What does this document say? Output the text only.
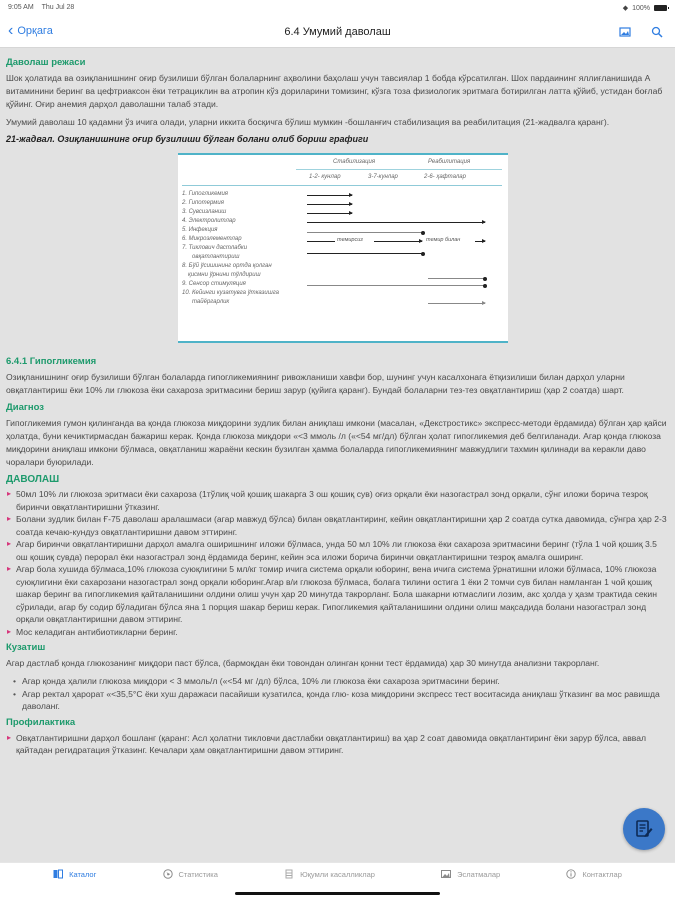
9:05 AM Thu Jul 28	◆ 100%
‹ Орқага	6.4 Умумий даволаш
Даволаш режаси

Шок ҳолатида ва озиқланишнинг оғир бузилиши бўлган болаларнинг аҳволини баҳолаш учун тавсиялар 1 бобда кўрсатилган. Шох пардаининг яллиғланишида А витаминини беринг ва цефтриаксон ёки тетрациклин ва атропин кўз дориларини томизинг, кўзга тоза физиологик эритмага ботирилган латта қўйиб, устидан боғлаб қўйинг. Оғир анемия дарҳол даволашни талаб этади.

Умумий даволаш 10 қадамни ўз ичига олади, уларни иккита босқичга бўлиш мумкин -бошланғич стабилизация ва реабилитация (21-жадвалга қаранг).

21-жадвал. Озиқланишнинг оғир бузилиши бўлган болани олиб бориш графиги
Стабилизация	Реабилитация
1-2- кунлар	3-7-кунлар	2-6- ҳафталар
1. Гипогликемия
2. Гипотермия
3. Сувсизланиш
4. Электролитлар
5. Инфекция
6. Микроэлементлар
7. Тиклович дастлабки
овқатлантириш
8. Бўй ўсишининг ортда қолган
қисмни ўрнини тўлдириш
9. Сенсор стимуляция
10. Кейинги кузатувга ўтказишга
тайёргарлик
темирсиз	темир билан
6.4.1 Гипогликемия

Озиқланишнинг оғир бузилиши бўлган болаларда гипогликемиянинг ривожланиши хавфи бор, шунинг учун касалхонага ётқизилиши билан дарҳол уларни овқатлантириш ёки 10% ли глюкоза ёки сахароза эритмасини бериш зарур (қуйига қаранг). Бундай болаларни тез-тез овқатлантириш (ҳар 2 соатда) шарт.

Диагноз

Гипогликемия гумон қилинганда ва қонда глюкоза миқдорини зудлик билан аниқлаш имкони (масалан, «Декстростикс» экспресс-методи ёрдамида) бўлган ҳар қайси ҳолатда, буни кечиктирмасдан бажариш керак. Қонда глюкоза миқдори «<3 ммоль /л («<54 мг/дл) бўлган ҳолат гипогликемия деб белгиланади. Агар қонда глюкоза миқдорини аниқлаш имкони бўлмаса, овқатланиш жараёни кескин бузилган ҳамма болаларда гипогликемиянинг мавжудлиги тахмин қилинади ва керакли даво чоралари буюрилади.

ДАВОЛАШ
▸ 50мл 10% ли глюкоза эритмаси ёки сахароза (1тўлиқ чой қошиқ шакарга 3 ош қошиқ сув) оғиз орқали ёки назогастрал зонд орқали, сўнг иложи борича тезроқ биринчи овқатлантиришни ўтказинг.
▸ Болани зудлик билан Ғ-75 даволаш аралашмаси (агар мавжуд бўлса) билан овқатлантиринг, кейин овқатлантиришни ҳар 2 соатда сутка давомида, сўнгра ҳар 2-3 соатда кечаю-кундуз овқатлантиришни давом эттиринг.
▸ Агар биринчи овқатлантиришни дарҳол амалга оширишнинг иложи бўлмаса, унда 50 мл 10% ли глюкоза ёки сахароза эритмасини беринг (тўла 1 чой қошиқ 3.5 ош қошиқ сувда) перорал ёки назогастрал зонд ёрдамида беринг, кейин эса иложи борича биринчи овқатлантиришни тезроқ амалга оширинг.
▸ Агар бола хушида бўлмаса,10% глюкоза суюқлигини 5 мл/кг томир ичига система орқали юборинг, вена ичига система ўрнатишни иложи бўлмаса, 10% глюкоза суюқлигини ёки сахарозани назогастрал зонд орқали юборинг.Агар в/и глюкоза бўлмаса, болага тилини остига 1 ёки 2 томчи сув билан намланган 1 чой қошиқ шакар беринг ва гипогликемия қайталанишини олдини олиш учун ҳар 20 минутда такрорланг. Бола шакарни ютмаслиги лозим, акс ҳолда у ҳазм трактида секин сўрилади, агар бу содир бўладиган бўлса яна 1 порция шакар бериш керак. Гипогликемия қайталанишини олдини олиш мақсадида болани назогастрал зонд орқали овқатлантиришни давом эттиринг.
▸ Мос келадиган антибиотикларни беринг.
Кузатиш

Агар дастлаб қонда глюкозанинг миқдори паст бўлса, (бармоқдан ёки товондан олинган қонни тест ёрдамида) ҳар 30 минутда анализни такрорланг.

• Агар қонда ҳалили глюкоза миқдори < 3 ммоль/л («<54 мг /дл) бўлса, 10% ли глюкоза ёки сахароза эритмасини беринг.
• Агар ректал ҳарорат «<35,5°С ёки хуш даражаси пасайиши кузатилса, қонда глю- коза миқдорини экспресс тест воситасида аниқлаш ўтказинг ва мос равишда даволанг.
Профилактика
▸ Овқатлантиришни дарҳол бошланг (қаранг: Асл ҳолатни тикловчи дастлабки овқатлантириш) ва ҳар 2 соат давомида овқатлантиринг ёки зарур бўлса, аввал қайтадан регидратация ўтказинг. Кечалари ҳам овқатлантиришни давом эттиринг.
Каталог	Статистика	Юқумли касалликлар	Эслатмалар	Контактлар
